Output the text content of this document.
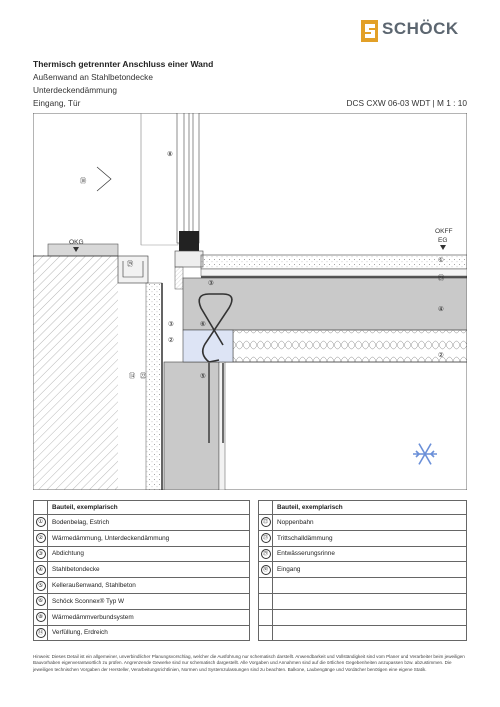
SCHÖCK
Thermisch getrennter Anschluss einer Wand
Außenwand an Stahlbetondecke
Unterdeckendämmung
Eingang, Tür	DCS CXW 06-03 WDT | M 1 : 10
OKG
OKFF
EG
⑧
㉚
㉙
①
㉓
③
④
②
③	⑥
②
⑭ ㉒	⑤
	Bauteil, exemplarisch
①	Bodenbelag, Estrich
②	Wärmedämmung, Unterdeckendämmung
③	Abdichtung
④	Stahlbetondecke
⑤	Kelleraußenwand, Stahlbeton
⑥	Schöck Sconnex® Typ W
⑧	Wärmedämmverbundsystem
⑭	Verfüllung, Erdreich
	Bauteil, exemplarisch
㉒	Noppenbahn
㉓	Trittschalldämmung
㉙	Entwässerungsrinne
㉚	Eingang

Hinweis: Dieses Detail ist ein allgemeiner, unverbindlicher Planungsvorschlag, welcher die Ausführung nur schematisch darstellt. Anwendbarkeit und Vollständigkeit sind vom Planer und Verarbeiter beim jeweiligen Bauvorhaben eigenverantwortlich zu prüfen. Angrenzende Gewerke sind nur schematisch dargestellt. Alle Vorgaben und Annahmen sind auf die örtlichen Gegebenheiten anzupassen bzw. abzustimmen. Die jeweiligen technischen Vorgaben der Hersteller, Verarbeitungsrichtlinien, Normen und Systemzulassungen sind zu beachten. Balkone, Laubengänge und Vordächer benötigen eine eigene Statik.
